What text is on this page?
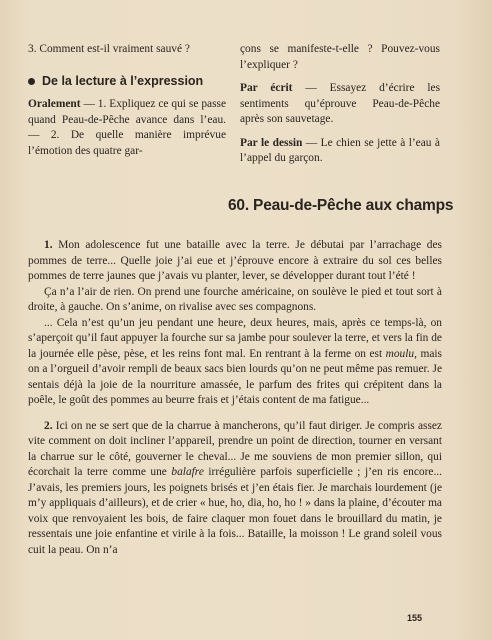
3. Comment est-il vraiment sauvé ?

De la lecture à l’expression

Oralement — 1. Expliquez ce qui se passe quand Peau-de-Pêche avance dans l’eau. — 2. De quelle manière imprévue l’émotion des quatre gar-

çons se manifeste-t-elle ? Pouvez-vous l’expliquer ?

Par écrit — Essayez d’écrire les sentiments qu’éprouve Peau-de-Pêche après son sauvetage.

Par le dessin — Le chien se jette à l’eau à l’appel du garçon.

60. Peau-de-Pêche aux champs

1. Mon adolescence fut une bataille avec la terre. Je débutai par l’arrachage des pommes de terre... Quelle joie j’ai eue et j’éprouve encore à extraire du sol ces belles pommes de terre jaunes que j’avais vu planter, lever, se développer durant tout l’été !

Ça n’a l’air de rien. On prend une fourche américaine, on soulève le pied et tout sort à droite, à gauche. On s’anime, on rivalise avec ses compagnons.

... Cela n’est qu’un jeu pendant une heure, deux heures, mais, après ce temps-là, on s’aperçoit qu’il faut appuyer la fourche sur sa jambe pour soulever la terre, et vers la fin de la journée elle pèse, pèse, et les reins font mal. En rentrant à la ferme on est moulu, mais on a l’orgueil d’avoir rempli de beaux sacs bien lourds qu’on ne peut même pas remuer. Je sentais déjà la joie de la nourriture amassée, le parfum des frites qui crépitent dans la poêle, le goût des pommes au beurre frais et j’étais content de ma fatigue...

2. Ici on ne se sert que de la charrue à mancherons, qu’il faut diriger. Je compris assez vite comment on doit incliner l’appareil, prendre un point de direction, tourner en versant la charrue sur le côté, gouverner le cheval... Je me souviens de mon premier sillon, qui écorchait la terre comme une balafre irrégulière parfois superficielle ; j’en ris encore... J’avais, les premiers jours, les poignets brisés et j’en étais fier. Je marchais lourdement (je m’y appliquais d’ailleurs), et de crier « hue, ho, dia, ho, ho ! » dans la plaine, d’écouter ma voix que renvoyaient les bois, de faire claquer mon fouet dans le brouillard du matin, je ressentais une joie enfantine et virile à la fois... Bataille, la moisson ! Le grand soleil vous cuit la peau. On n’a

155
